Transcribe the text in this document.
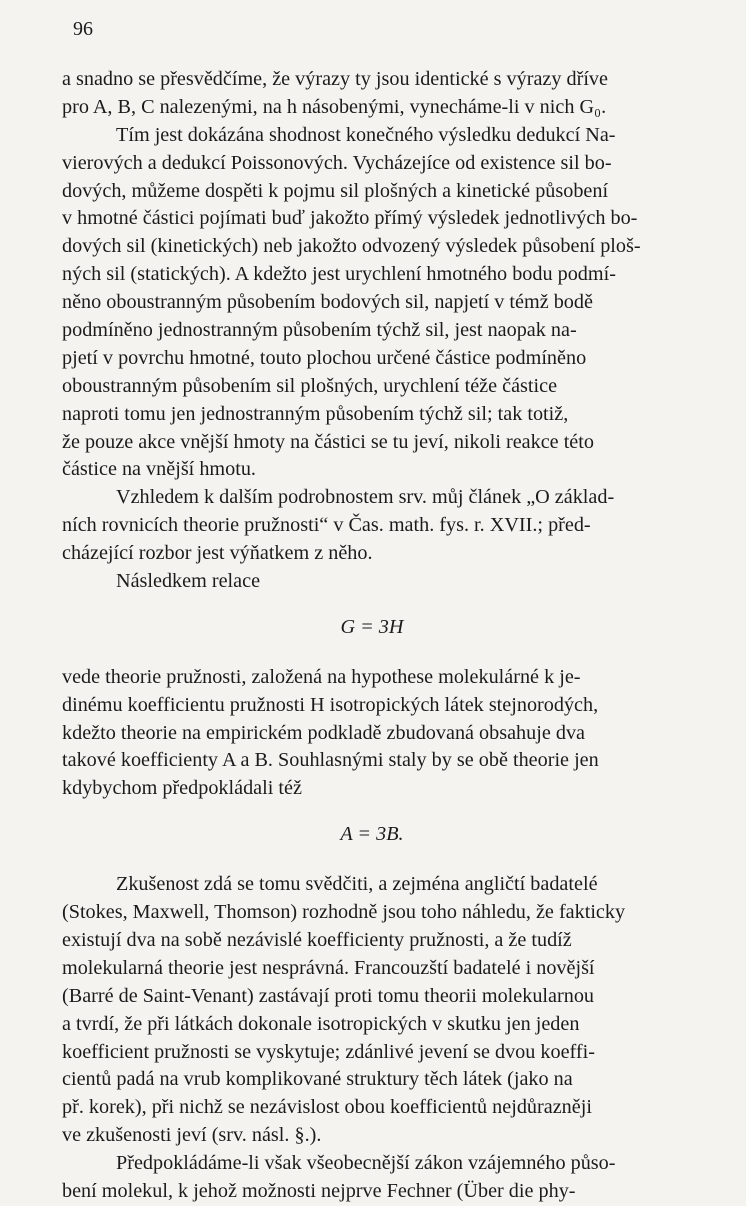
96
a snadno se přesvědčíme, že výrazy ty jsou identické s výrazy dříve
pro A, B, C nalezenými, na h násobenými, vynecháme-li v nich G₀.
Tím jest dokázána shodnost konečného výsledku dedukcí Na-
vierových a dedukcí Poissonových. Vycházejíce od existence sil bo-
dových, můžeme dospěti k pojmu sil plošných a kinetické působení
v hmotné částici pojímati buď jakožto přímý výsledek jednotlivých bo-
dových sil (kinetických) neb jakožto odvozený výsledek působení ploš-
ných sil (statických). A kdežto jest urychlení hmotného bodu podmí-
něno oboustranným působením bodových sil, napjetí v témž bodě
podmíněno jednostranným působením týchž sil, jest naopak na-
pjetí v povrchu hmotné, touto plochou určené částice podmíněno
oboustranným působením sil plošných, urychlení téže částice
naproti tomu jen jednostranným působením týchž sil; tak totiž,
že pouze akce vnější hmoty na částici se tu jeví, nikoli reakce této
částice na vnější hmotu.
Vzhledem k dalším podrobnostem srv. můj článek „O základ-
ních rovnicích theorie pružnosti“ v Čas. math. fys. r. XVII.; před-
cházející rozbor jest výňatkem z něho.
Následkem relace
G = 3H
vede theorie pružnosti, založená na hypothese molekulárné k je-
dinému koefficientu pružnosti H isotropických látek stejnorodých,
kdežto theorie na empirickém podkladě zbudovaná obsahuje dva
takové koefficienty A a B. Souhlasnými staly by se obě theorie jen
kdybychom předpokládali též
A = 3B.
Zkušenost zdá se tomu svědčiti, a zejména angličtí badatelé
(Stokes, Maxwell, Thomson) rozhodně jsou toho náhledu, že fakticky
existují dva na sobě nezávislé koefficienty pružnosti, a že tudíž
molekularná theorie jest nesprávná. Francouzští badatelé i novější
(Barré de Saint-Venant) zastávají proti tomu theorii molekularnou
a tvrdí, že při látkách dokonale isotropických v skutku jen jeden
koefficient pružnosti se vyskytuje; zdánlivé jevení se dvou koeffi-
cientů padá na vrub komplikované struktury těch látek (jako na
př. korek), při nichž se nezávislost obou koefficientů nejdůrazněji
ve zkušenosti jeví (srv. násl. §.).
Předpokládáme-li však všeobecnější zákon vzájemného půso-
bení molekul, k jehož možnosti nejprve Fechner (Über die phy-
